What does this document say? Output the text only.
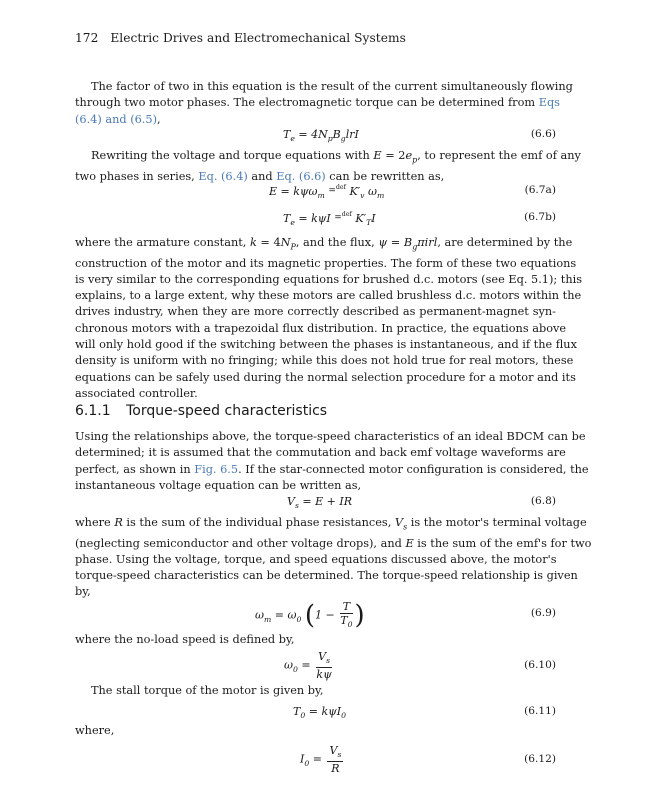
172 Electric Drives and Electromechanical Systems
The factor of two in this equation is the result of the current simultaneously flowing
through two motor phases. The electromagnetic torque can be determined from Eqs
(6.4) and (6.5),
$T_e = 4N_pB_glrI$	(6.6)
Rewriting the voltage and torque equations with $E = 2e_p$, to represent the emf of any
two phases in series, Eq. (6.4) and Eq. (6.6) can be rewritten as,
E = kψω$_m$ =$^{def}$ $K'_v$ $\omega_m$	(6.7a)
$T_e = k\psi I =^{def}$ $K'_TI$	(6.7b)
where the armature constant, $k = 4N_P$, and the flux, $\psi = B_g\pi irl$, are determined by the
construction of the motor and its magnetic properties. The form of these two equations
is very similar to the corresponding equations for brushed d.c. motors (see Eq. 5.1); this
explains, to a large extent, why these motors are called brushless d.c. motors within the
drives industry, when they are more correctly described as permanent-magnet syn-
chronous motors with a trapezoidal flux distribution. In practice, the equations above
will only hold good if the switching between the phases is instantaneous, and if the flux
density is uniform with no fringing; while this does not hold true for real motors, these
equations can be safely used during the normal selection procedure for a motor and its
associated controller.
6.1.1 Torque-speed characteristics
Using the relationships above, the torque-speed characteristics of an ideal BDCM can be
determined; it is assumed that the commutation and back emf voltage waveforms are
perfect, as shown in Fig. 6.5. If the star-connected motor configuration is considered, the
instantaneous voltage equation can be written as,
$V_s = E$ + IR	(6.8)
where R is the sum of the individual phase resistances, $V_s$ is the motor's terminal voltage
(neglecting semiconductor and other voltage drops), and E is the sum of the emf's for two
phase. Using the voltage, torque, and speed equations discussed above, the motor's
torque-speed characteristics can be determined. The torque-speed relationship is given
by,
$\omega_m = \omega_0$ ($1 - \frac{T}{T_0}$ )	(6.9)
where the no-load speed is defined by,
$\omega_0 = \frac{V_s}{k\psi}$	(6.10)
The stall torque of the motor is given by,
$T_0 = k\psi I_0$	(6.11)
where,
$I_0 = \frac{V_s}{R}$	(6.12)
